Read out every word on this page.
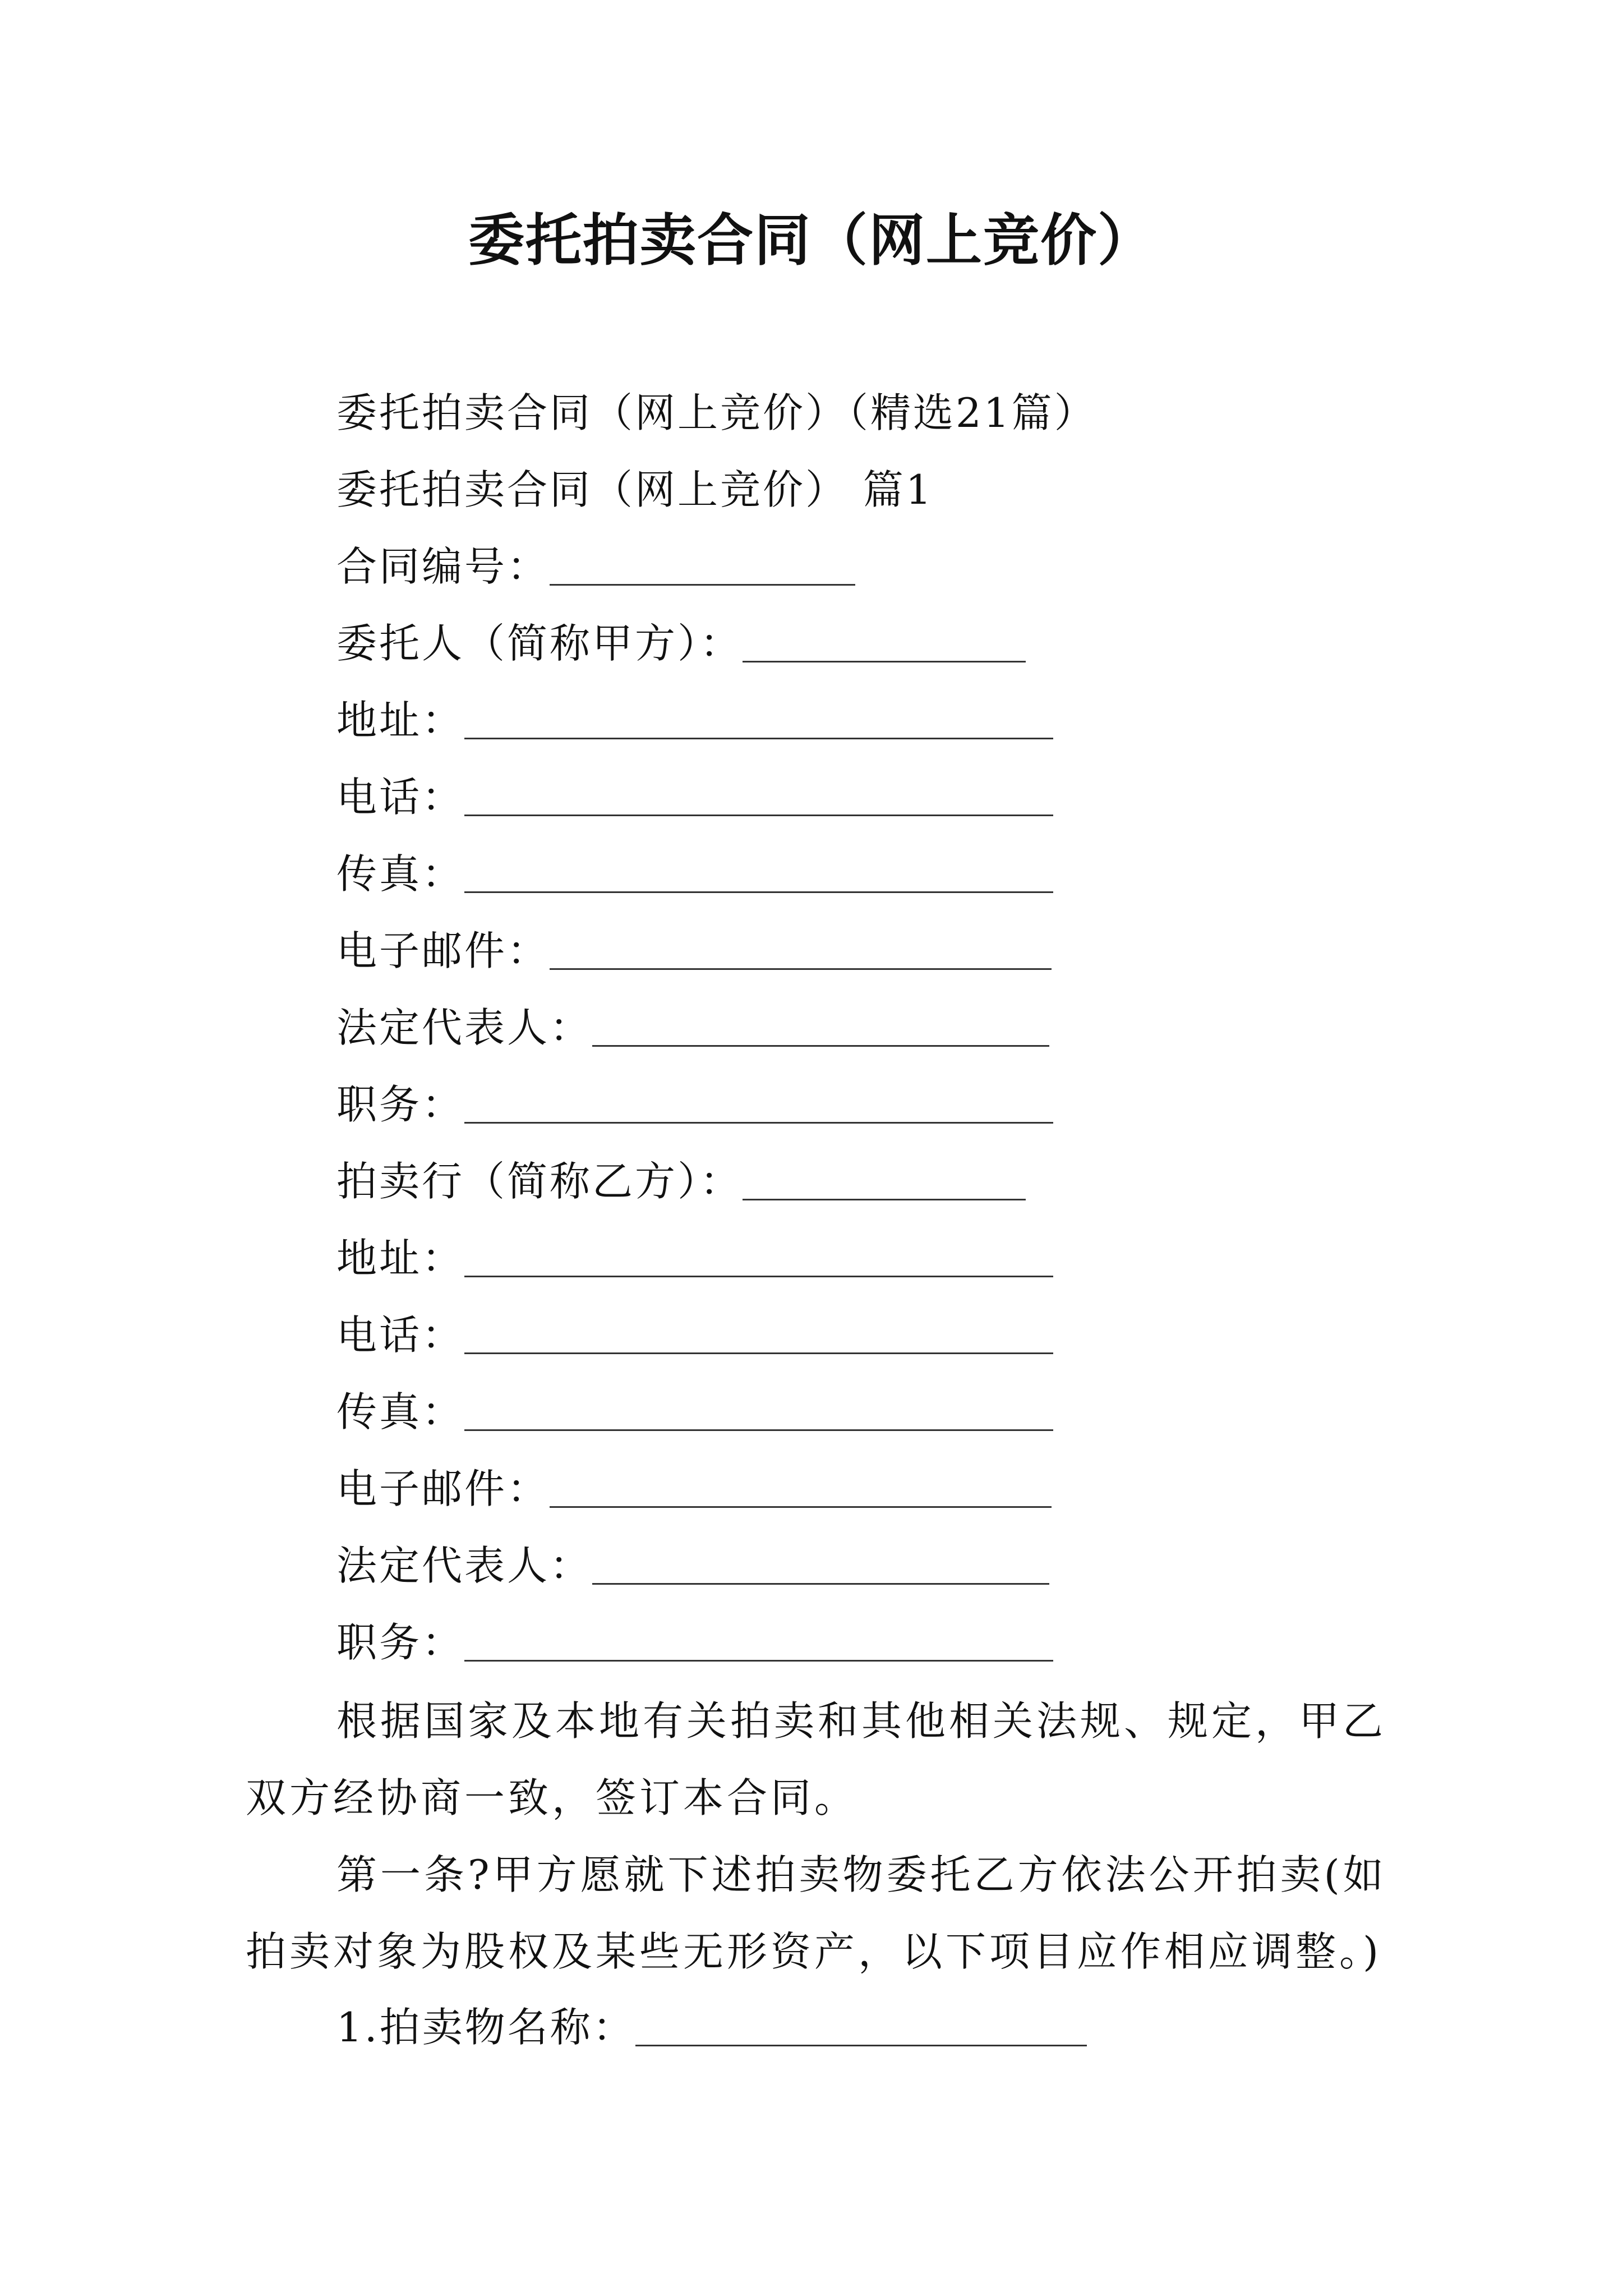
委托拍卖合同（网上竞价）
委托拍卖合同（网上竞价）（精选21篇）
委托拍卖合同（网上竞价） 篇1
合同编号：
委托人（简称甲方）：
地址：
电话：
传真：
电子邮件：
法定代表人：
职务：
拍卖行（简称乙方）：
地址：
电话：
传真：
电子邮件：
法定代表人：
职务：
根据国家及本地有关拍卖和其他相关法规、规定，甲乙双方经协商一致，签订本合同。
第一条?甲方愿就下述拍卖物委托乙方依法公开拍卖(如拍卖对象为股权及某些无形资产，以下项目应作相应调整。)
1.拍卖物名称：
